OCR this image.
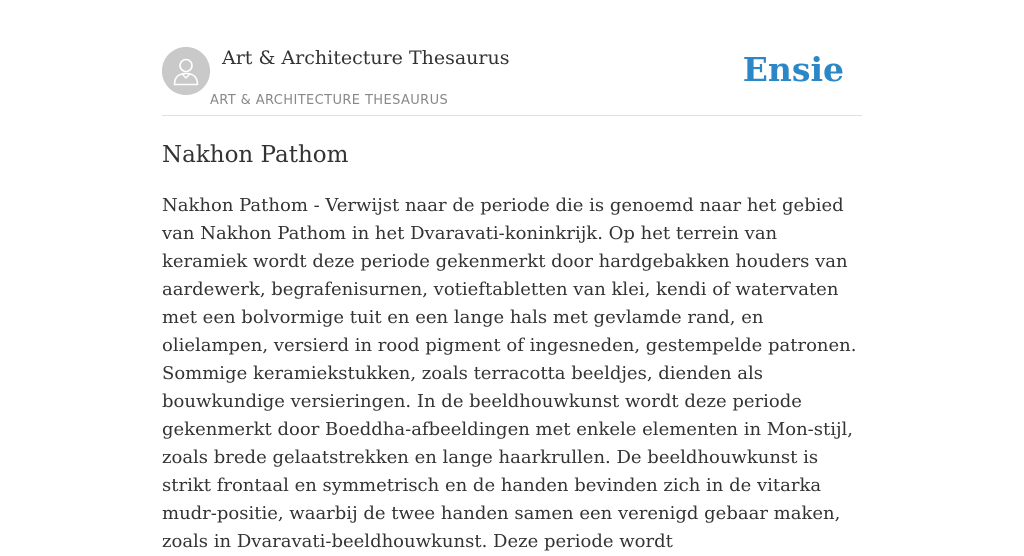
Art & Architecture Thesaurus
ART & ARCHITECTURE THESAURUS
Ensie
Nakhon Pathom

Nakhon Pathom - Verwijst naar de periode die is genoemd naar het gebied van Nakhon Pathom in het Dvaravati-koninkrijk. Op het terrein van keramiek wordt deze periode gekenmerkt door hardgebakken houders van aardewerk, begrafenisurnen, votieftabletten van klei, kendi of watervaten met een bolvormige tuit en een lange hals met gevlamde rand, en olielampen, versierd in rood pigment of ingesneden, gestempelde patronen. Sommige keramiekstukken, zoals terracotta beeldjes, dienden als bouwkundige versieringen. In de beeldhouwkunst wordt deze periode gekenmerkt door Boeddha-afbeeldingen met enkele elementen in Mon-stijl, zoals brede gelaatstrekken en lange haarkrullen. De beeldhouwkunst is strikt frontaal en symmetrisch en de handen bevinden zich in de vitarka mudr-positie, waarbij de twee handen samen een verenigd gebaar maken, zoals in Dvaravati-beeldhouwkunst. Deze periode wordt
